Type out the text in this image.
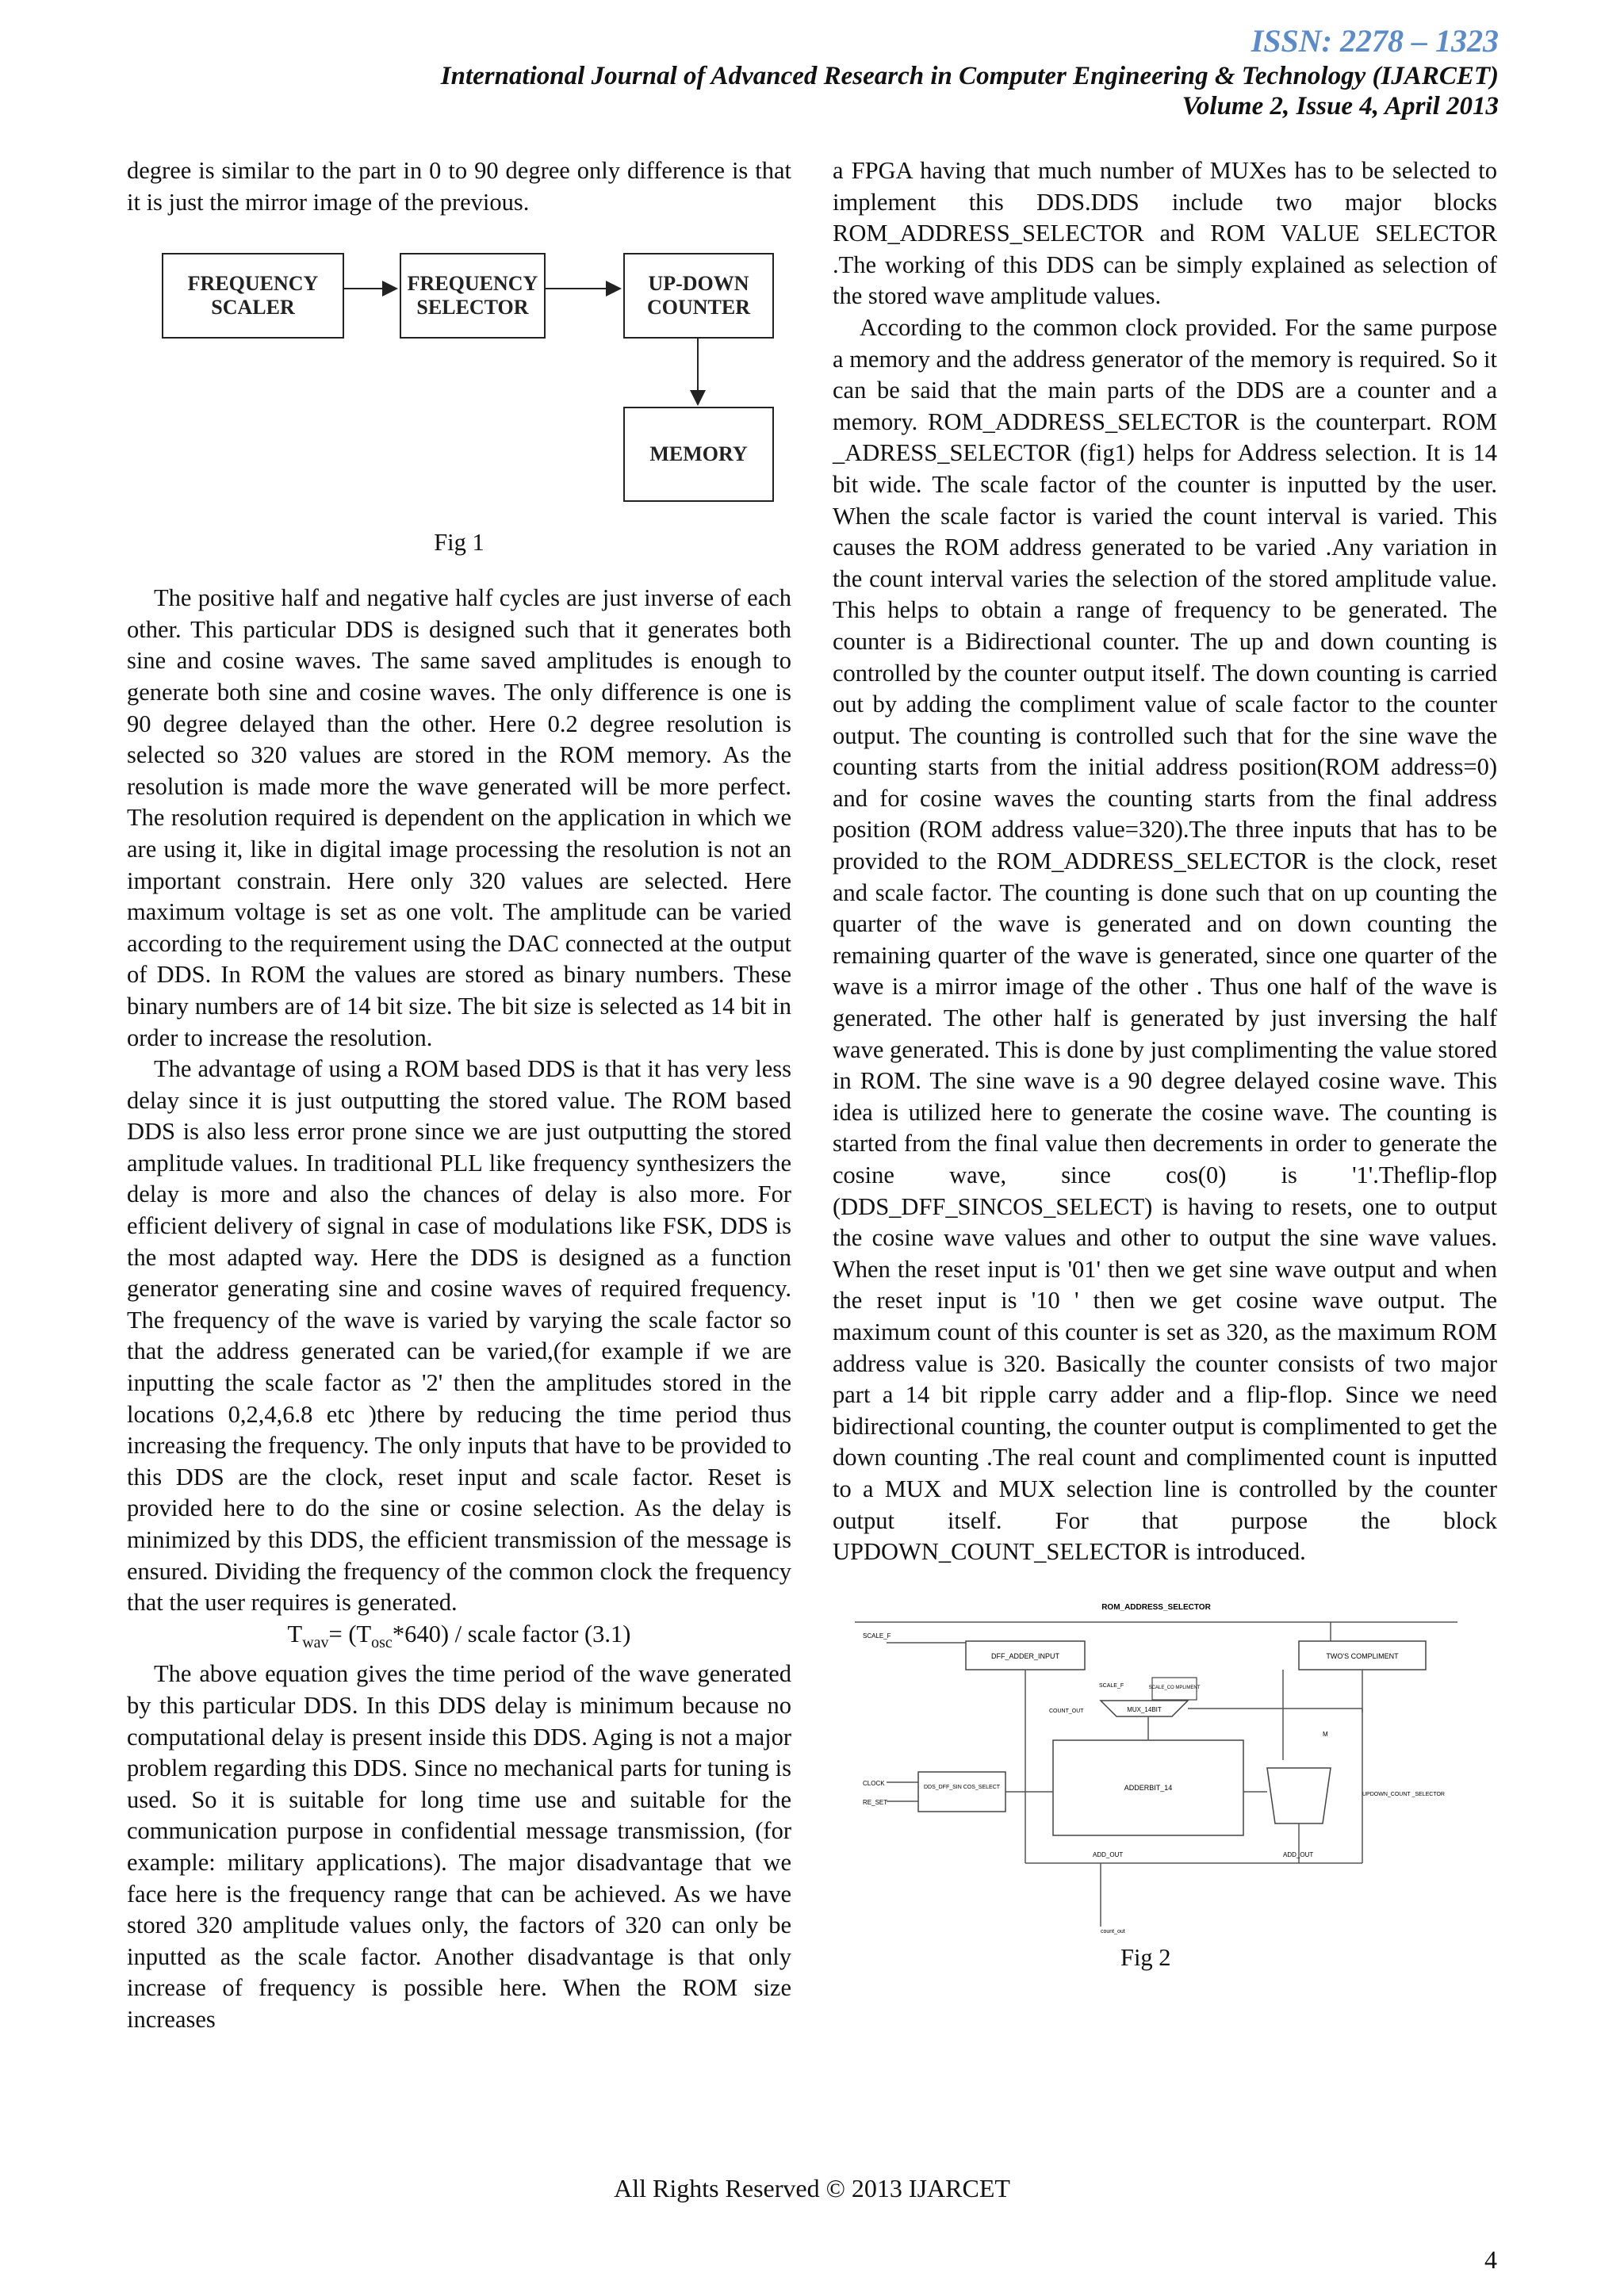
ISSN: 2278 – 1323
International Journal of Advanced Research in Computer Engineering & Technology (IJARCET)
Volume 2, Issue 4, April 2013

degree is similar to the part in 0 to 90 degree only difference is that it is just the mirror image of the previous.

FREQUENCY SCALER
FREQUENCY SELECTOR
UP-DOWN COUNTER
MEMORY
Fig 1

The positive half and negative half cycles are just inverse of each other. This particular DDS is designed such that it generates both sine and cosine waves. The same saved amplitudes is enough to generate both sine and cosine waves. The only difference is one is 90 degree delayed than the other. Here 0.2 degree resolution is selected so 320 values are stored in the ROM memory. As the resolution is made more the wave generated will be more perfect. The resolution required is dependent on the application in which we are using it, like in digital image processing the resolution is not an important constrain. Here only 320 values are selected. Here maximum voltage is set as one volt. The amplitude can be varied according to the requirement using the DAC connected at the output of DDS. In ROM the values are stored as binary numbers. These binary numbers are of 14 bit size. The bit size is selected as 14 bit in order to increase the resolution.

The advantage of using a ROM based DDS is that it has very less delay since it is just outputting the stored value. The ROM based DDS is also less error prone since we are just outputting the stored amplitude values. In traditional PLL like frequency synthesizers the delay is more and also the chances of delay is also more. For efficient delivery of signal in case of modulations like FSK, DDS is the most adapted way. Here the DDS is designed as a function generator generating sine and cosine waves of required frequency. The frequency of the wave is varied by varying the scale factor so that the address generated can be varied,(for example if we are inputting the scale factor as '2' then the amplitudes stored in the locations 0,2,4,6.8 etc )there by reducing the time period thus increasing the frequency. The only inputs that have to be provided to this DDS are the clock, reset input and scale factor. Reset is provided here to do the sine or cosine selection. As the delay is minimized by this DDS, the efficient transmission of the message is ensured. Dividing the frequency of the common clock the frequency that the user requires is generated.

$T_{wav}= (T_{osc}*640)$ / scale factor (3.1)

The above equation gives the time period of the wave generated by this particular DDS. In this DDS delay is minimum because no computational delay is present inside this DDS. Aging is not a major problem regarding this DDS. Since no mechanical parts for tuning is used. So it is suitable for long time use and suitable for the communication purpose in confidential message transmission, (for example: military applications). The major disadvantage that we face here is the frequency range that can be achieved. As we have stored 320 amplitude values only, the factors of 320 can only be inputted as the scale factor. Another disadvantage is that only increase of frequency is possible here. When the ROM size increases

a FPGA having that much number of MUXes has to be selected to implement this DDS.DDS include two major blocks ROM_ADDRESS_SELECTOR and ROM VALUE SELECTOR .The working of this DDS can be simply explained as selection of the stored wave amplitude values.

According to the common clock provided. For the same purpose a memory and the address generator of the memory is required. So it can be said that the main parts of the DDS are a counter and a memory. ROM_ADDRESS_SELECTOR is the counterpart. ROM _ADRESS_SELECTOR (fig1) helps for Address selection. It is 14 bit wide. The scale factor of the counter is inputted by the user. When the scale factor is varied the count interval is varied. This causes the ROM address generated to be varied .Any variation in the count interval varies the selection of the stored amplitude value. This helps to obtain a range of frequency to be generated. The counter is a Bidirectional counter. The up and down counting is controlled by the counter output itself. The down counting is carried out by adding the compliment value of scale factor to the counter output. The counting is controlled such that for the sine wave the counting starts from the initial address position(ROM address=0) and for cosine waves the counting starts from the final address position (ROM address value=320).The three inputs that has to be provided to the ROM_ADDRESS_SELECTOR is the clock, reset and scale factor. The counting is done such that on up counting the quarter of the wave is generated and on down counting the remaining quarter of the wave is generated, since one quarter of the wave is a mirror image of the other . Thus one half of the wave is generated. The other half is generated by just inversing the half wave generated. This is done by just complimenting the value stored in ROM. The sine wave is a 90 degree delayed cosine wave. This idea is utilized here to generate the cosine wave. The counting is started from the final value then decrements in order to generate the cosine wave, since cos(0) is '1'.Theflip-flop (DDS_DFF_SINCOS_SELECT) is having to resets, one to output the cosine wave values and other to output the sine wave values. When the reset input is '01' then we get sine wave output and when the reset input is '10 ' then we get cosine wave output. The maximum count of this counter is set as 320, as the maximum ROM address value is 320. Basically the counter consists of two major part a 14 bit ripple carry adder and a flip-flop. Since we need bidirectional counting, the counter output is complimented to get the down counting .The real count and complimented count is inputted to a MUX and MUX selection line is controlled by the counter output itself. For that purpose the block UPDOWN_COUNT_SELECTOR is introduced.

ROM_ADDRESS_SELECTOR
SCALE_F
DFF_ADDER_INPUT	TWO'S COMPLIMENT
SCALE_F	SCALE_CO MPLIMENT
COUNT_OUT	MUX_14BIT
M
CLOCK
RE_SET
DDS_DFF_SIN COS_SELECT	ADDERBIT_14
UPDOWN_COUNT _SELECTOR
ADD_OUT	ADD_OUT
count_out
Fig 2
All Rights Reserved © 2013 IJARCET
4
